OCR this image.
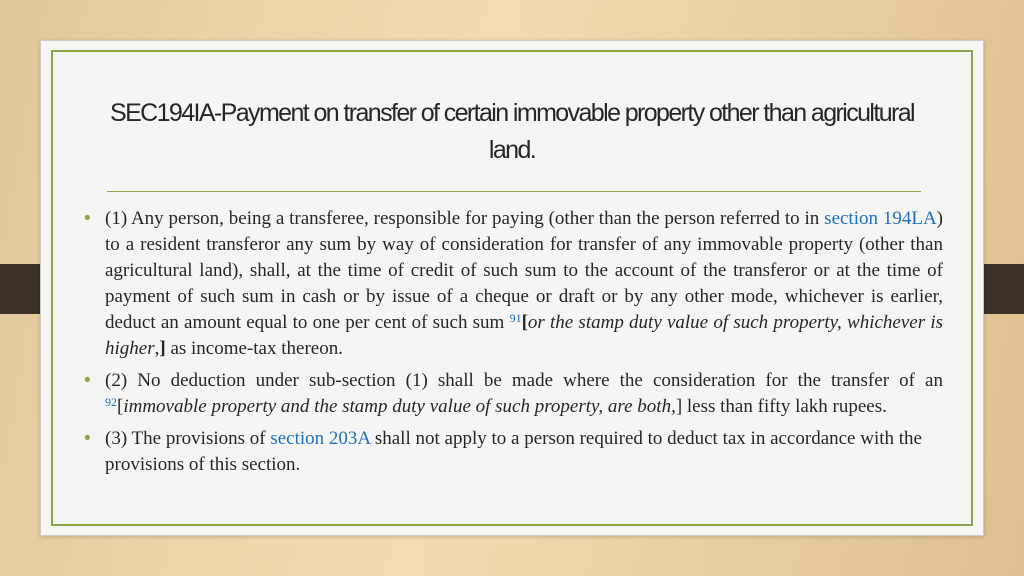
SEC194IA-Payment on transfer of certain immovable property other than agricultural land.
• (1) Any person, being a transferee, responsible for paying (other than the person referred to in section 194LA) to a resident transferor any sum by way of consideration for transfer of any immovable property (other than agricultural land), shall, at the time of credit of such sum to the account of the transferor or at the time of payment of such sum in cash or by issue of a cheque or draft or by any other mode, whichever is earlier, deduct an amount equal to one per cent of such sum $^{91}$[or the stamp duty value of such property, whichever is higher,] as income-tax thereon.
• (2) No deduction under sub-section (1) shall be made where the consideration for the transfer of an $^{92}$[immovable property and the stamp duty value of such property, are both,] less than fifty lakh rupees.
• (3) The provisions of section 203A shall not apply to a person required to deduct tax in accordance with the provisions of this section.
